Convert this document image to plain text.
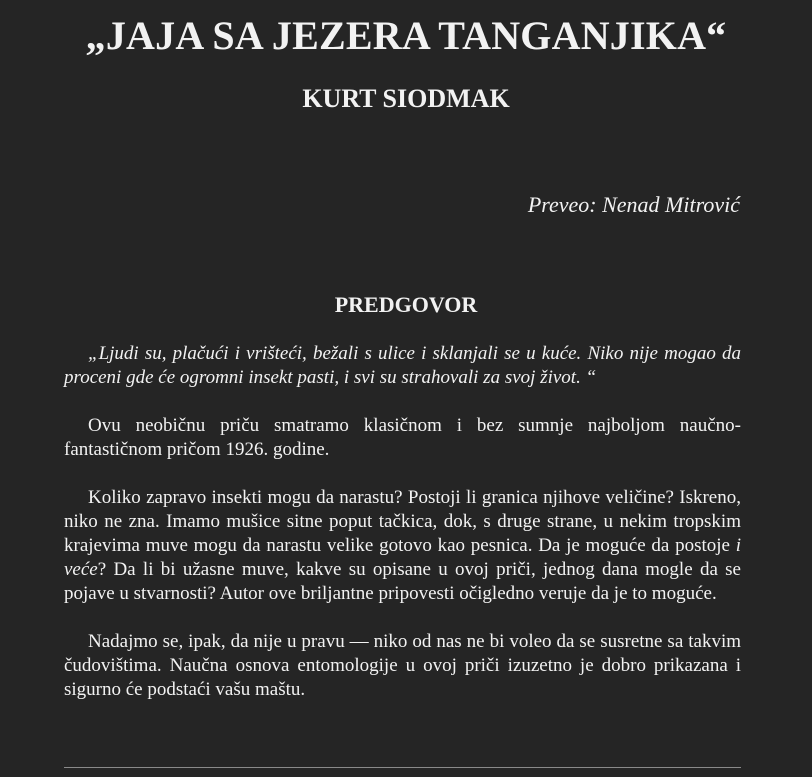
„JAJA SA JEZERA TANGANJIKA“
KURT SIODMAK

Preveo: Nenad Mitrović

PREDGOVOR

„Ljudi su, plačući i vrišteći, bežali s ulice i sklanjali se u kuće. Niko nije mogao da proceni gde će ogromni insekt pasti, i svi su strahovali za svoj život. “

Ovu neobičnu priču smatramo klasičnom i bez sumnje najboljom naučno-fantastičnom pričom 1926. godine.

Koliko zapravo insekti mogu da narastu? Postoji li granica njihove veličine? Iskreno, niko ne zna. Imamo mušice sitne poput tačkica, dok, s druge strane, u nekim tropskim krajevima muve mogu da narastu velike gotovo kao pesnica. Da je moguće da postoje i veće? Da li bi užasne muve, kakve su opisane u ovoj priči, jednog dana mogle da se pojave u stvarnosti? Autor ove briljantne pripovesti očigledno veruje da je to moguće.

Nadajmo se, ipak, da nije u pravu — niko od nas ne bi voleo da se susretne sa takvim čudovištima. Naučna osnova entomologije u ovoj priči izuzetno je dobro prikazana i sigurno će podstaći vašu maštu.
